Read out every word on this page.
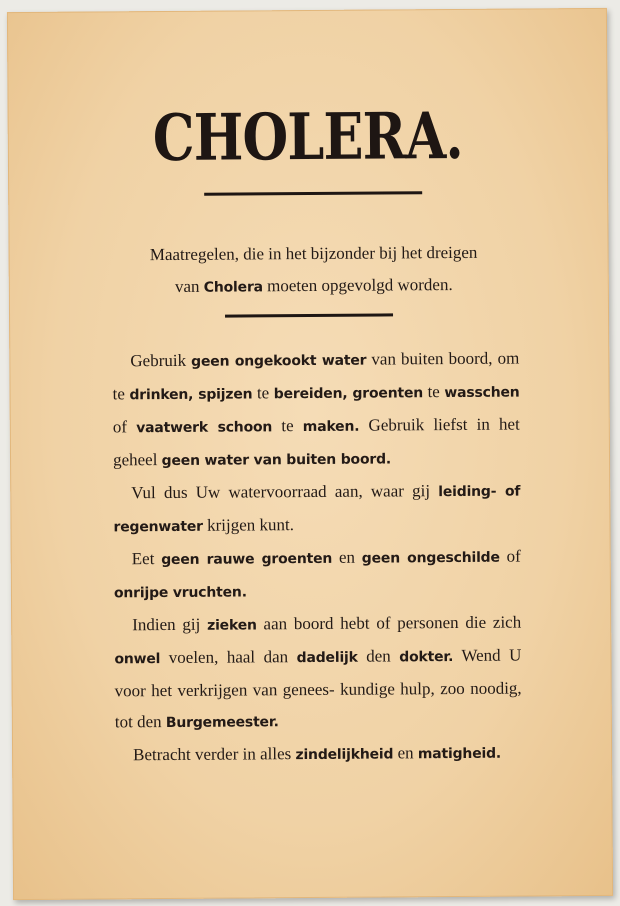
CHOLERA.
Maatregelen, die in het bijzonder bij het dreigen
van Cholera moeten opgevolgd worden.

Gebruik geen ongekookt water van buiten boord, om te drinken, spijzen te bereiden, groenten te wasschen of vaatwerk schoon te maken. Gebruik liefst in het geheel geen water van buiten boord.

Vul dus Uw watervoorraad aan, waar gij leiding- of regenwater krijgen kunt.

Eet geen rauwe groenten en geen ongeschilde of onrijpe vruchten.

Indien gij zieken aan boord hebt of personen die zich onwel voelen, haal dan dadelijk den dokter. Wend U voor het verkrijgen van genees- kundige hulp, zoo noodig, tot den Burgemeester.

Betracht verder in alles zindelijkheid en matigheid.
